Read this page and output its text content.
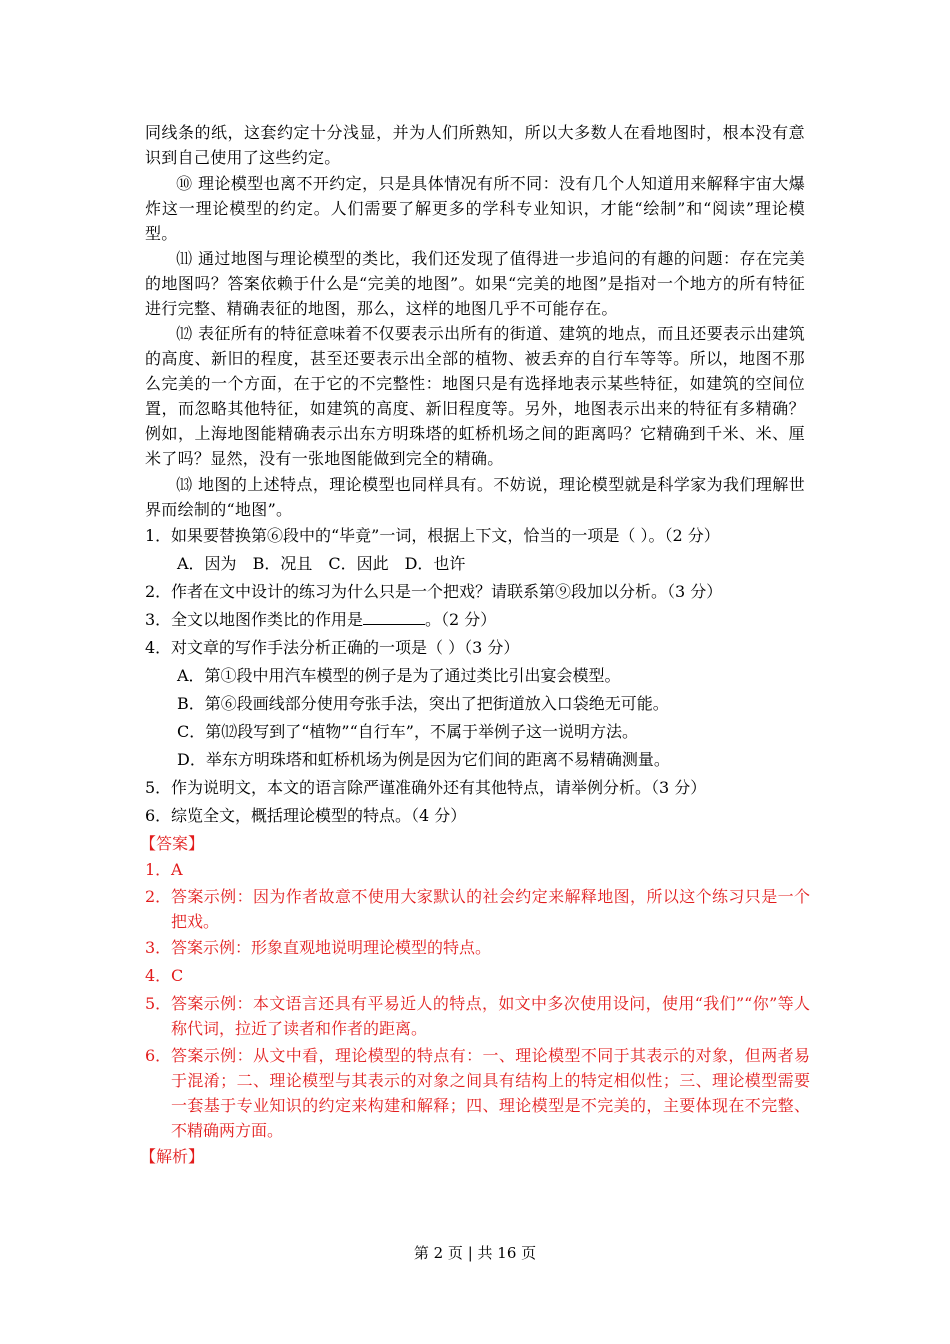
同线条的纸，这套约定十分浅显，并为人们所熟知，所以大多数人在看地图时，根本没有意识到自己使用了这些约定。

⑩ 理论模型也离不开约定，只是具体情况有所不同：没有几个人知道用来解释宇宙大爆炸这一理论模型的约定。人们需要了解更多的学科专业知识，才能“绘制”和“阅读”理论模型。

⑾ 通过地图与理论模型的类比，我们还发现了值得进一步追问的有趣的问题：存在完美的地图吗？答案依赖于什么是“完美的地图”。如果“完美的地图”是指对一个地方的所有特征进行完整、精确表征的地图，那么，这样的地图几乎不可能存在。

⑿ 表征所有的特征意味着不仅要表示出所有的街道、建筑的地点，而且还要表示出建筑的高度、新旧的程度，甚至还要表示出全部的植物、被丢弃的自行车等等。所以，地图不那么完美的一个方面，在于它的不完整性：地图只是有选择地表示某些特征，如建筑的空间位置，而忽略其他特征，如建筑的高度、新旧程度等。另外，地图表示出来的特征有多精确？例如，上海地图能精确表示出东方明珠塔的虹桥机场之间的距离吗？它精确到千米、米、厘米了吗？显然，没有一张地图能做到完全的精确。

⒀ 地图的上述特点，理论模型也同样具有。不妨说，理论模型就是科学家为我们理解世界而绘制的“地图”。

1．如果要替换第⑥段中的“毕竟”一词，根据上下文，恰当的一项是（ ）。（2 分）

A．因为 B．况且 C．因此 D．也许

2．作者在文中设计的练习为什么只是一个把戏？请联系第⑨段加以分析。（3 分）

3．全文以地图作类比的作用是	。（2 分）

4．对文章的写作手法分析正确的一项是（ ）（3 分）

A．第①段中用汽车模型的例子是为了通过类比引出宴会模型。

B．第⑥段画线部分使用夸张手法，突出了把街道放入口袋绝无可能。

C．第⑿段写到了“植物”“自行车”，不属于举例子这一说明方法。

D．举东方明珠塔和虹桥机场为例是因为它们间的距离不易精确测量。

5．作为说明文，本文的语言除严谨准确外还有其他特点，请举例分析。（3 分）

6．综览全文，概括理论模型的特点。（4 分）

【答案】
1． A
2． 答案示例：因为作者故意不使用大家默认的社会约定来解释地图，所以这个练习只是一个把戏。
3． 答案示例：形象直观地说明理论模型的特点。
4． C
5． 答案示例：本文语言还具有平易近人的特点，如文中多次使用设问，使用“我们”“你”等人称代词，拉近了读者和作者的距离。
6． 答案示例：从文中看，理论模型的特点有：一、理论模型不同于其表示的对象，但两者易于混淆；二、理论模型与其表示的对象之间具有结构上的特定相似性；三、理论模型需要一套基于专业知识的约定来构建和解释；四、理论模型是不完美的，主要体现在不完整、不精确两方面。
【解析】
第 2 页 | 共 16 页
